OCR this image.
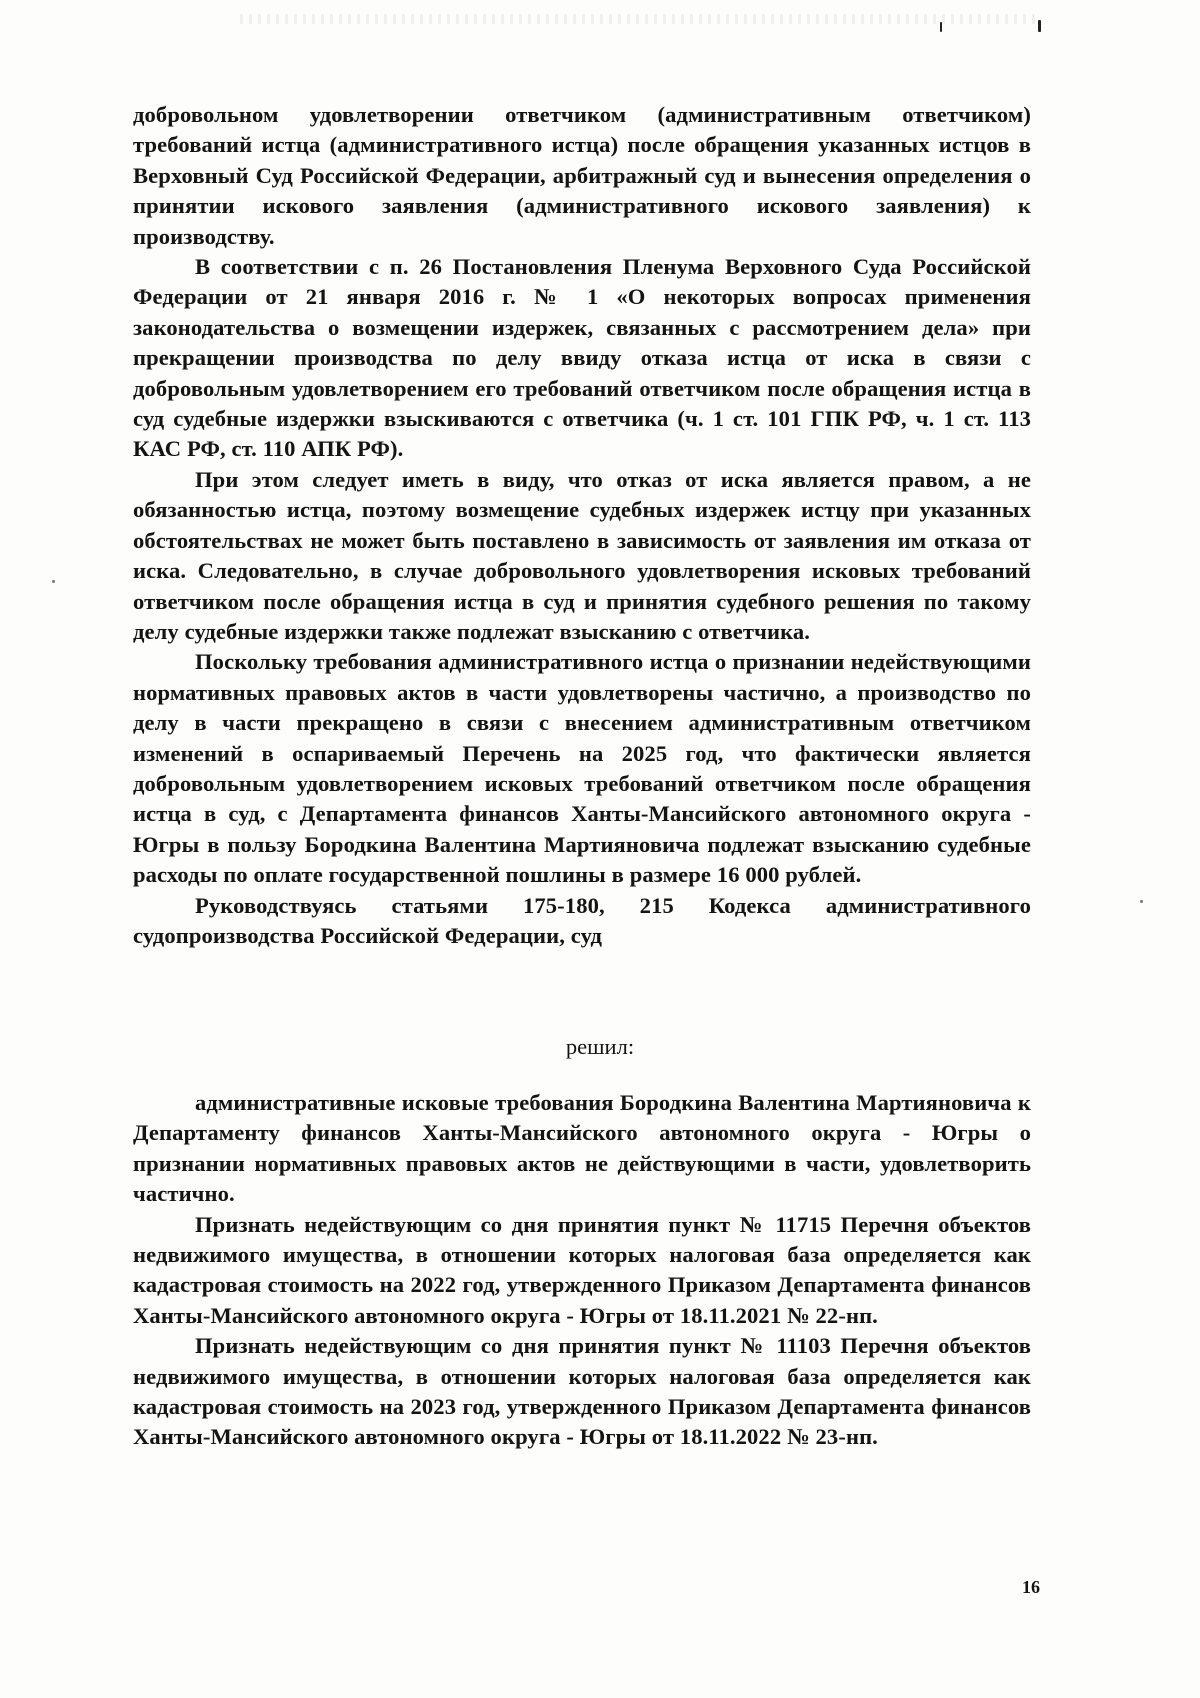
добровольном удовлетворении ответчиком (административным ответчиком) требований истца (административного истца) после обращения указанных истцов в Верховный Суд Российской Федерации, арбитражный суд и вынесения определения о принятии искового заявления (административного искового заявления) к производству.

В соответствии с п. 26 Постановления Пленума Верховного Суда Российской Федерации от 21 января 2016 г. № 1 «О некоторых вопросах применения законодательства о возмещении издержек, связанных с рассмотрением дела» при прекращении производства по делу ввиду отказа истца от иска в связи с добровольным удовлетворением его требований ответчиком после обращения истца в суд судебные издержки взыскиваются с ответчика (ч. 1 ст. 101 ГПК РФ, ч. 1 ст. 113 КАС РФ, ст. 110 АПК РФ).

При этом следует иметь в виду, что отказ от иска является правом, а не обязанностью истца, поэтому возмещение судебных издержек истцу при указанных обстоятельствах не может быть поставлено в зависимость от заявления им отказа от иска. Следовательно, в случае добровольного удовлетворения исковых требований ответчиком после обращения истца в суд и принятия судебного решения по такому делу судебные издержки также подлежат взысканию с ответчика.

Поскольку требования административного истца о признании недействующими нормативных правовых актов в части удовлетворены частично, а производство по делу в части прекращено в связи с внесением административным ответчиком изменений в оспариваемый Перечень на 2025 год, что фактически является добровольным удовлетворением исковых требований ответчиком после обращения истца в суд, с Департамента финансов Ханты-Мансийского автономного округа - Югры в пользу Бородкина Валентина Мартияновича подлежат взысканию судебные расходы по оплате государственной пошлины в размере 16 000 рублей.

Руководствуясь статьями 175-180, 215 Кодекса административного судопроизводства Российской Федерации, суд

решил:

административные исковые требования Бородкина Валентина Мартияновича к Департаменту финансов Ханты-Мансийского автономного округа - Югры о признании нормативных правовых актов не действующими в части, удовлетворить частично.

Признать недействующим со дня принятия пункт № 11715 Перечня объектов недвижимого имущества, в отношении которых налоговая база определяется как кадастровая стоимость на 2022 год, утвержденного Приказом Департамента финансов Ханты-Мансийского автономного округа - Югры от 18.11.2021 № 22-нп.

Признать недействующим со дня принятия пункт № 11103 Перечня объектов недвижимого имущества, в отношении которых налоговая база определяется как кадастровая стоимость на 2023 год, утвержденного Приказом Департамента финансов Ханты-Мансийского автономного округа - Югры от 18.11.2022 № 23-нп.

16
